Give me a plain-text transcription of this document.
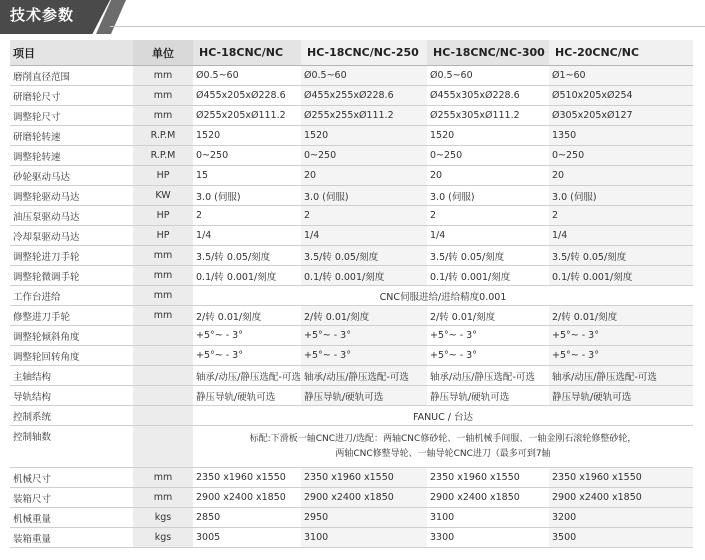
技术参数
项目	单位	HC-18CNC/NC	HC-18CNC/NC-250	HC-18CNC/NC-300	HC-20CNC/NC
磨削直径范围	mm	Ø0.5~60	Ø0.5~60	Ø0.5~60	Ø1~60
研磨轮尺寸	mm	Ø455x205xØ228.6	Ø455x255xØ228.6	Ø455x305xØ228.6	Ø510x205xØ254
调整轮尺寸	mm	Ø255x205xØ111.2	Ø255x255xØ111.2	Ø255x305xØ111.2	Ø305x205xØ127
研磨轮转速	R.P.M	1520	1520	1520	1350
调整轮转速	R.P.M	0~250	0~250	0~250	0~250
砂轮驱动马达	HP	15	20	20	20
调整轮驱动马达	KW	3.0 (伺服)	3.0 (伺服)	3.0 (伺服)	3.0 (伺服)
油压泵驱动马达	HP	2	2	2	2
冷却泵驱动马达	HP	1/4	1/4	1/4	1/4
调整轮进刀手轮	mm	3.5/转 0.05/刻度	3.5/转 0.05/刻度	3.5/转 0.05/刻度	3.5/转 0.05/刻度
调整轮微调手轮	mm	0.1/转 0.001/刻度	0.1/转 0.001/刻度	0.1/转 0.001/刻度	0.1/转 0.001/刻度
工作台进给	mm	CNC伺服进给/进给精度0.001			
修整进刀手轮	mm	2/转 0.01/刻度	2/转 0.01/刻度	2/转 0.01/刻度	2/转 0.01/刻度
调整轮倾斜角度		+5°~ - 3°	+5°~ - 3°	+5°~ - 3°	+5°~ - 3°
调整轮回转角度		+5°~ - 3°	+5°~ - 3°	+5°~ - 3°	+5°~ - 3°
主轴结构		轴承/动压/静压选配-可选	轴承/动压/静压选配-可选	轴承/动压/静压选配-可选	轴承/动压/静压选配-可选
导轨结构		静压导轨/硬轨可选	静压导轨/硬轨可选	静压导轨/硬轨可选	静压导轨/硬轨可选
控制系统		FANUC / 台达			
控制轴数		标配:下滑板一轴CNC进刀/选配：两轴CNC修砂轮、一轴机械手间服、一轴金刚石滚轮修整砂轮，
两轴CNC修整导轮、一轴导轮CNC进刀（最多可到7轴			

机械尺寸	mm	2350 x1960 x1550	2350 x1960 x1550	2350 x1960 x1550	2350 x1960 x1550
装箱尺寸	mm	2900 x2400 x1850	2900 x2400 x1850	2900 x2400 x1850	2900 x2400 x1850
机械重量	kgs	2850	2950	3100	3200
装箱重量	kgs	3005	3100	3300	3500
